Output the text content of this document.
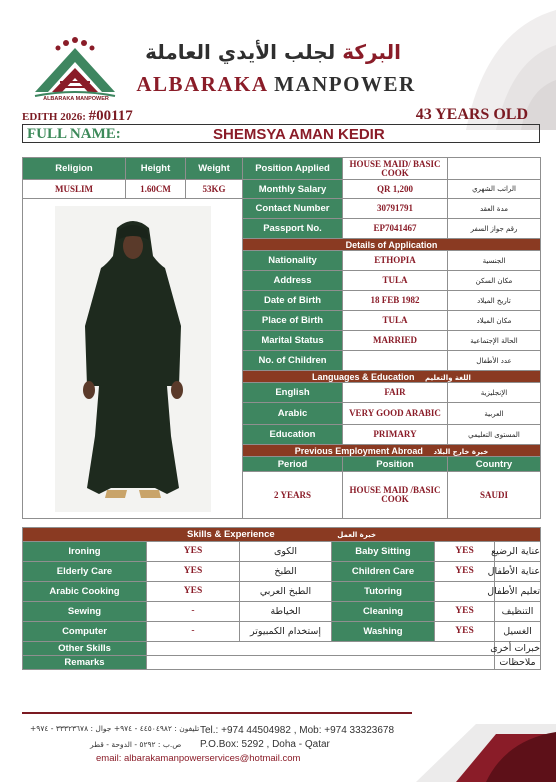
ALBARAKA MANPOWER
البركة لجلب الأيدي العاملة
ALBARAKA MANPOWER
EDITH 2026: #00117	43 YEARS OLD
FULL NAME:	SHEMSYA AMAN KEDIR
Religion	Height	Weight	Position Applied	HOUSE MAID/ BASIC COOK	
MUSLIM	1.60CM	53KG	Monthly Salary	QR 1,200	الراتب الشهري

	Contact Number	30791791	مدة العقد
			Passport No.	EP7041467	رقم جواز السفر
			Details of Application		
			Nationality	ETHOPIA	الجنسية
			Address	TULA	مكان السكن
			Date of Birth	18 FEB 1982	تاريخ الميلاد
			Place of Birth	TULA	مكان الميلاد
			Marital Status	MARRIED	الحالة الإجتماعية
			No. of Children		عدد الأطفال
			Languages & Education اللغة والتعليم		
			English	FAIR	الإنجليزية
			Arabic	VERY GOOD ARABIC	العربية
			Education	PRIMARY	المستوى التعليمي
			Previous Employment Abroad خبرة خارج البلاد		
			Period	Position	Country
			2 YEARS	HOUSE MAID /BASIC COOK	SAUDI
Skills & Experience خبرة العمل					
Ironing	YES	الكوى	Baby Sitting	YES	عناية الرضيع
Elderly Care	YES	الطبخ	Children Care	YES	عناية الأطفال
Arabic Cooking	YES	الطبخ العربي	Tutoring		تعليم الأطفال
Sewing	-	الخياطة	Cleaning	YES	التنظيف
Computer	-	إستخدام الكمبيوتر	Washing	YES	الغسيل
Other Skills					خبرات أخرى
Remarks					ملاحظات
تليفون : ٤٤٥٠٤٩٨٢ - ٩٧٤+ جوال : ٣٣٣٢٣٦٧٨ - ٩٧٤+ Tel.: +974 44504982 , Mob: +974 33323678
ص.ب : ٥٢٩٢ - الدوحة - قطر P.O.Box: 5292 , Doha - Qatar
email: albarakamanpowerservices@hotmail.com
